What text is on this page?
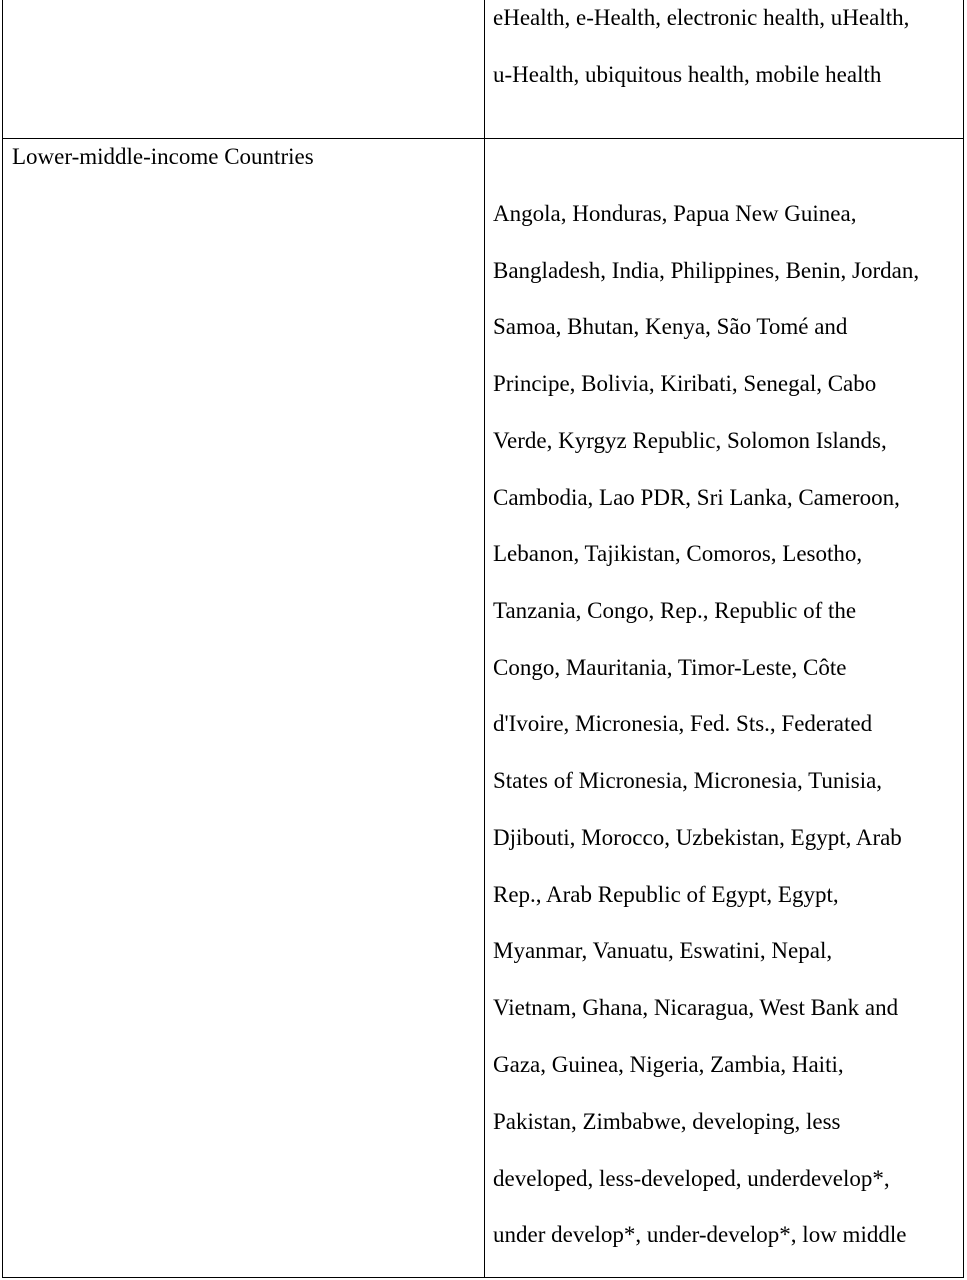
eHealth, e-Health, electronic health, uHealth,
u-Health, ubiquitous health, mobile health
Lower-middle-income Countries
Angola, Honduras, Papua New Guinea,
Bangladesh, India, Philippines, Benin, Jordan,
Samoa, Bhutan, Kenya, São Tomé and
Principe, Bolivia, Kiribati, Senegal, Cabo
Verde, Kyrgyz Republic, Solomon Islands,
Cambodia, Lao PDR, Sri Lanka, Cameroon,
Lebanon, Tajikistan, Comoros, Lesotho,
Tanzania, Congo, Rep., Republic of the
Congo, Mauritania, Timor-Leste, Côte
d'Ivoire, Micronesia, Fed. Sts., Federated
States of Micronesia, Micronesia, Tunisia,
Djibouti, Morocco, Uzbekistan, Egypt, Arab
Rep., Arab Republic of Egypt, Egypt,
Myanmar, Vanuatu, Eswatini, Nepal,
Vietnam, Ghana, Nicaragua, West Bank and
Gaza, Guinea, Nigeria, Zambia, Haiti,
Pakistan, Zimbabwe, developing, less
developed, less-developed, underdevelop*,
under develop*, under-develop*, low middle
